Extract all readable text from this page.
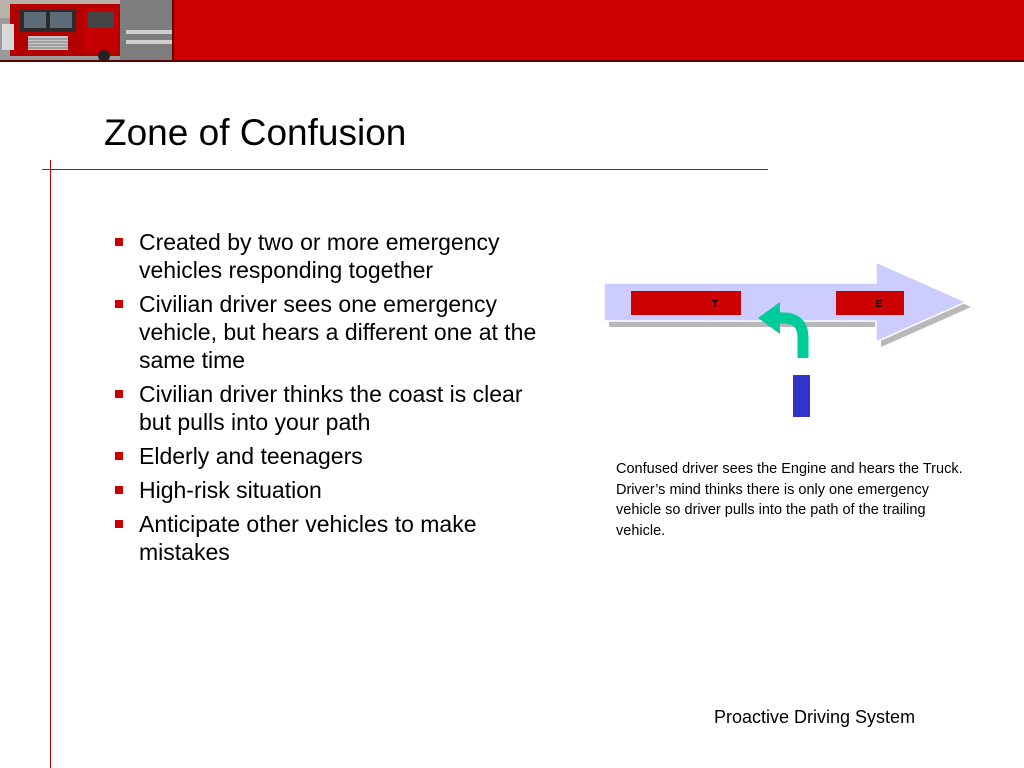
Zone of Confusion
Created by two or more emergency vehicles responding together
Civilian driver sees one emergency vehicle, but hears a different one at the same time
Civilian driver thinks the coast is clear but pulls into your path
Elderly and teenagers
High-risk situation
Anticipate other vehicles to make mistakes
T	E
Confused driver sees the Engine and hears the Truck. Driver’s mind thinks there is only one emergency vehicle so driver pulls into the path of the trailing vehicle.
Proactive Driving System
